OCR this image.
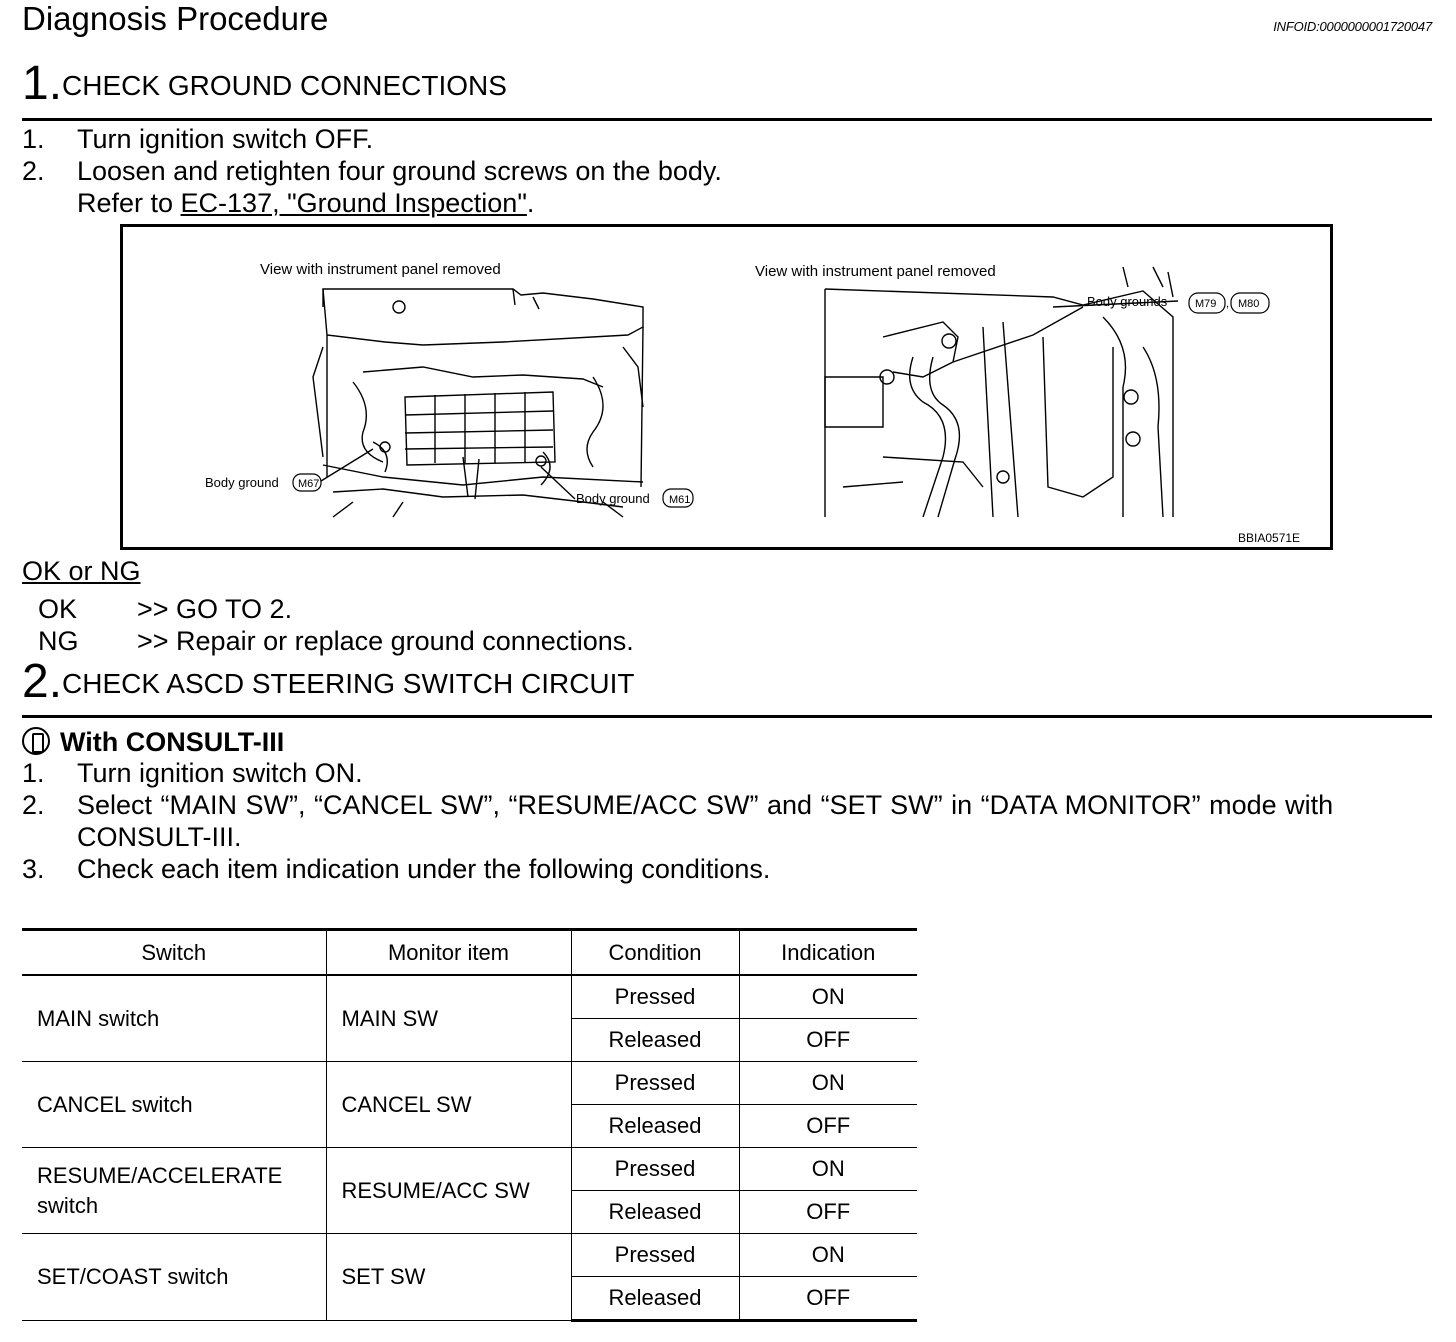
Diagnosis Procedure	INFOID:0000000001720047
1.CHECK GROUND CONNECTIONS
1. Turn ignition switch OFF.
2. Loosen and retighten four ground screws on the body.
Refer to EC-137, "Ground Inspection".
View with instrument panel removed	View with instrument panel removed
Body ground
Body ground
Body grounds
BBIA0571E
M67
M61
M79 , M80
OK or NG
OK >> GO TO 2.
NG >> Repair or replace ground connections.
2.CHECK ASCD STEERING SWITCH CIRCUIT
With CONSULT-III
1. Turn ignition switch ON.
2. Select “MAIN SW”, “CANCEL SW”, “RESUME/ACC SW” and “SET SW” in “DATA MONITOR” mode with
CONSULT-III.
3. Check each item indication under the following conditions.
Switch	Monitor item	Condition	Indication
MAIN switch	MAIN SW	Pressed	ON
		Released	OFF
CANCEL switch	CANCEL SW	Pressed	ON
		Released	OFF
RESUME/ACCELERATE switch	RESUME/ACC SW	Pressed	ON
		Released	OFF
SET/COAST switch	SET SW	Pressed	ON
		Released	OFF
